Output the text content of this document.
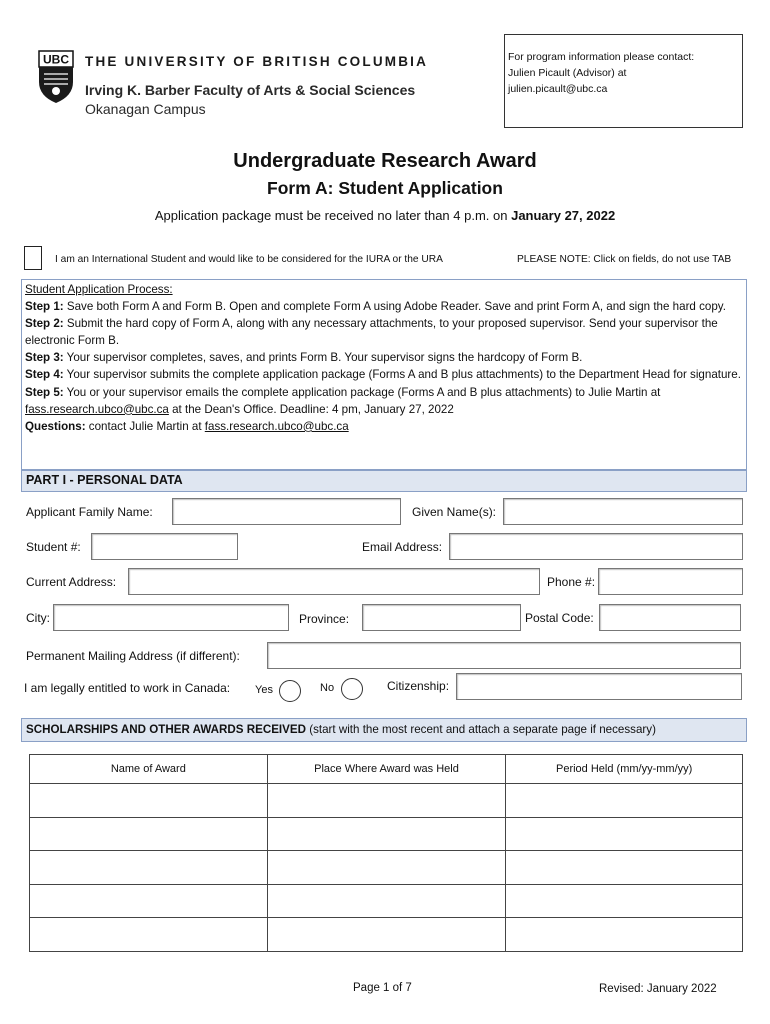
UBC THE UNIVERSITY OF BRITISH COLUMBIA
Irving K. Barber Faculty of Arts & Social Sciences
Okanagan Campus
For program information please contact:
Julien Picault (Advisor) at
julien.picault@ubc.ca
Undergraduate Research Award
Form A: Student Application
Application package must be received no later than 4 p.m. on January 27, 2022
I am an International Student and would like to be considered for the IURA or the URA	PLEASE NOTE: Click on fields, do not use TAB
Student Application Process:
Step 1: Save both Form A and Form B. Open and complete Form A using Adobe Reader. Save and print Form A, and sign the hard copy.
Step 2: Submit the hard copy of Form A, along with any necessary attachments, to your proposed supervisor. Send your supervisor the electronic Form B.
Step 3: Your supervisor completes, saves, and prints Form B. Your supervisor signs the hardcopy of Form B.
Step 4: Your supervisor submits the complete application package (Forms A and B plus attachments) to the Department Head for signature.
Step 5: You or your supervisor emails the complete application package (Forms A and B plus attachments) to Julie Martin at fass.research.ubco@ubc.ca at the Dean's Office. Deadline: 4 pm, January 27, 2022
Questions: contact Julie Martin at fass.research.ubco@ubc.ca
PART I - PERSONAL DATA
Applicant Family Name:	Given Name(s):
Student #:	Email Address:
Current Address:	Phone #:
City:	Province:	Postal Code:
Permanent Mailing Address (if different):
I am legally entitled to work in Canada: Yes	No	Citizenship:
SCHOLARSHIPS AND OTHER AWARDS RECEIVED (start with the most recent and attach a separate page if necessary)
Name of Award	Place Where Award was Held	Period Held (mm/yy-mm/yy)

Page 1 of 7	Revised: January 2022
